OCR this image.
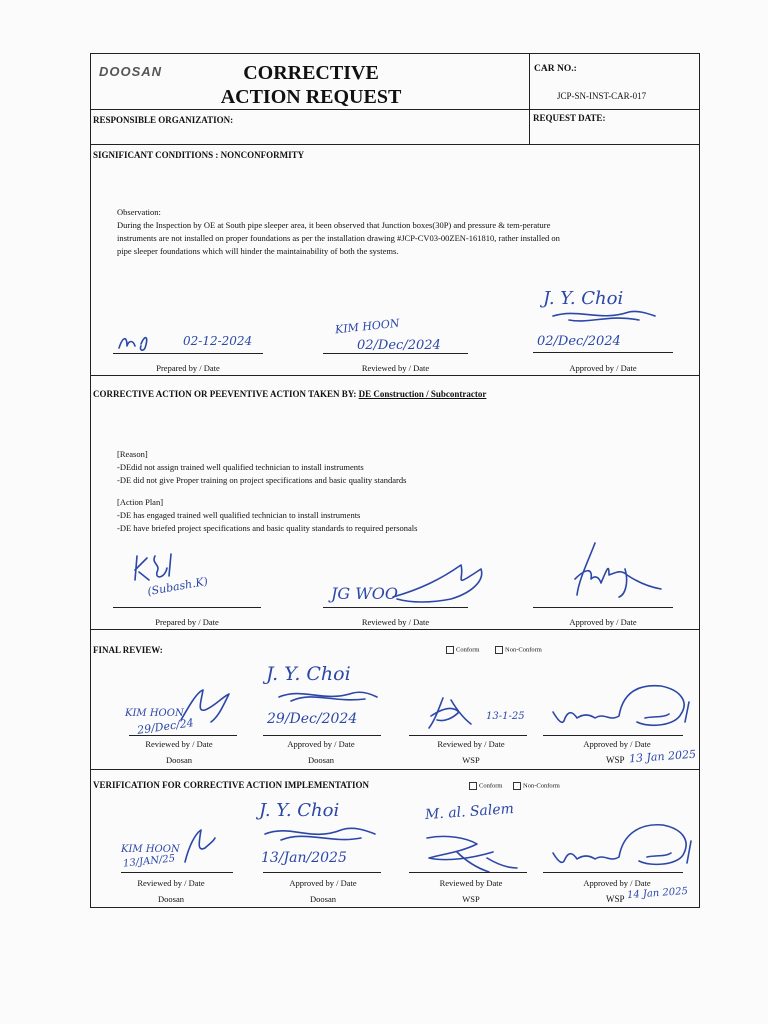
DOOSAN	CORRECTIVE
ACTION REQUEST
CAR NO.:
JCP-SN-INST-CAR-017
RESPONSIBLE ORGANIZATION:	REQUEST DATE:
SIGNIFICANT CONDITIONS : NONCONFORMITY
Observation:
During the Inspection by OE at South pipe sleeper area, it been observed that Junction boxes(30P) and pressure & tem-perature
instruments are not installed on proper foundations as per the installation drawing #JCP-CV03-00ZEN-161810, rather installed on
pipe sleeper foundations which will hinder the maintainability of both the systems.
02-12-2024
Prepared by / Date
KIM HOON
02/Dec/2024
Reviewed by / Date
J. Y. Choi
02/Dec/2024
Approved by / Date
CORRECTIVE ACTION OR PEEVENTIVE ACTION TAKEN BY: DE Construction / Subcontractor
[Reason]
-DEdid not assign trained well qualified technician to install instruments
-DE did not give Proper training on project specifications and basic quality standards
[Action Plan]
-DE has engaged trained well qualified technician to install instruments
-DE have briefed project specifications and basic quality standards to required personals
(Subash.K)
Prepared by / Date
JG WOO
Reviewed by / Date	Approved by / Date
FINAL REVIEW:	Conform	Non-Conform
KIM HOON
29/Dec/24
Reviewed by / Date
Doosan
J. Y. Choi
29/Dec/2024
Approved by / Date
Doosan
13-1-25
Reviewed by / Date
WSP
Approved by / Date
WSP 13 Jan 2025
VERIFICATION FOR CORRECTIVE ACTION IMPLEMENTATION	Conform	Non-Conform
KIM HOON
13/JAN/25
Reviewed by / Date
Doosan
J. Y. Choi
13/Jan/2025
Approved by / Date
Doosan
M. al. Salem
Reviewed by Date
WSP
Approved by / Date
WSP 14 Jan 2025
